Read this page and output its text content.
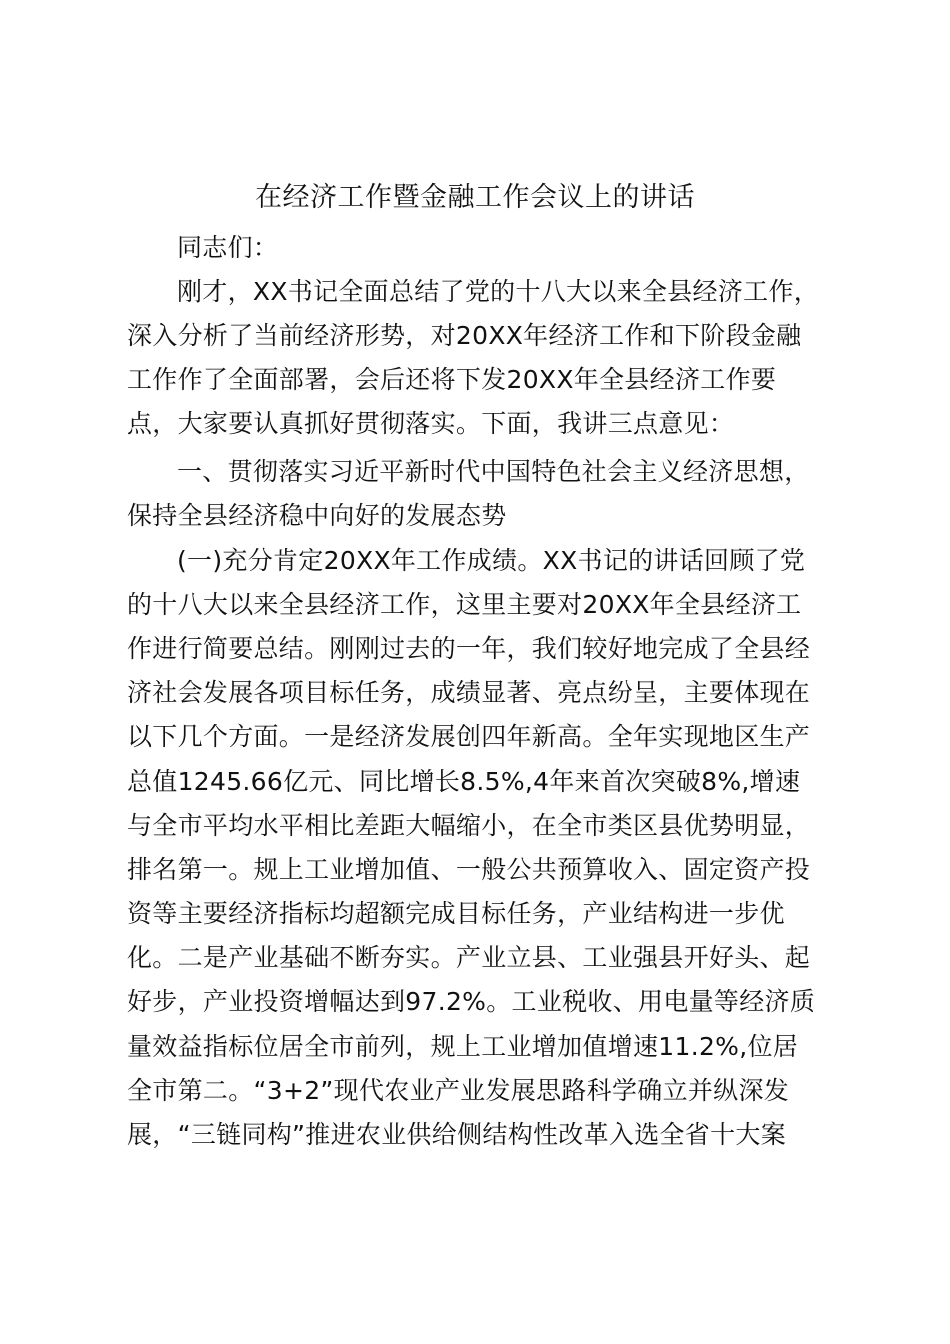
在经济工作暨金融工作会议上的讲话
同志们：
刚才，XX书记全面总结了党的十八大以来全县经济工作，
深入分析了当前经济形势，对20XX年经济工作和下阶段金融
工作作了全面部署，会后还将下发20XX年全县经济工作要
点，大家要认真抓好贯彻落实。下面，我讲三点意见：
一、贯彻落实习近平新时代中国特色社会主义经济思想，
保持全县经济稳中向好的发展态势
(一)充分肯定20XX年工作成绩。XX书记的讲话回顾了党
的十八大以来全县经济工作，这里主要对20XX年全县经济工
作进行简要总结。刚刚过去的一年，我们较好地完成了全县经
济社会发展各项目标任务，成绩显著、亮点纷呈，主要体现在
以下几个方面。一是经济发展创四年新高。全年实现地区生产
总值1245.66亿元、同比增长8.5%,4年来首次突破8%,增速
与全市平均水平相比差距大幅缩小，在全市类区县优势明显，
排名第一。规上工业增加值、一般公共预算收入、固定资产投
资等主要经济指标均超额完成目标任务，产业结构进一步优
化。二是产业基础不断夯实。产业立县、工业强县开好头、起
好步，产业投资增幅达到97.2%。工业税收、用电量等经济质
量效益指标位居全市前列，规上工业增加值增速11.2%,位居
全市第二。“3+2”现代农业产业发展思路科学确立并纵深发
展，“三链同构”推进农业供给侧结构性改革入选全省十大案
